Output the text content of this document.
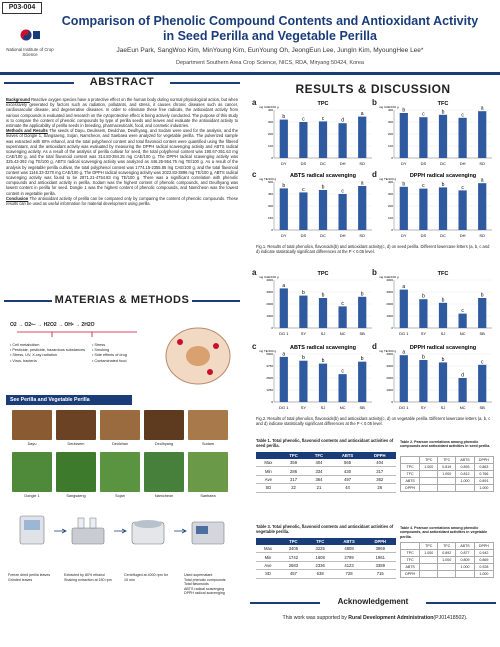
P03-004
National Institute of Crop Science
Comparison of Phenolic Compound Contents and Antioxidant Activity
in Seed Perilla and Vegetable Perilla
JaeEun Park, SangWoo Kim, MinYoung Kim, EunYoung Oh, JeongEun Lee, JungIn Kim, MyoungHee Lee*
Department Southern Area Crop Science, NICS, RDA, Miryang 50424, Korea
ABSTRACT

Background Reactive oxygen species have a protective effect on the human body during normal physiological action, but when excessively generated by factors such as radiation, pollutants, and stress, it causes chronic diseases such as cancer, cardiovascular disease, and degenerative diseases. In order to eliminate these free radicals, the antioxidant activity from various compounds is evaluated and research on the cytoprotective effect is being actively conducted. The purpose of this study is to compare the content of phenolic compounds by type of perilla seeds and leaves and evaluate the antioxidant activity to estimate the applicability of perilla seeds in breeding, pharmaceuticals, food, and cosmetic industries.

Methods and Results The seeds of Dayu, Deulssem, Deulchan, Deulhyang, and Sodam were used for the analysis, and the leaves of Dongle 1, Sangsaeng, Sojan, Namcheon, and Saebaea were analyzed for vegetable perilla. The pulverized sample was extracted with 80% ethanol, and the total polyphenol content and total flavonoid content were quantified using the filtered supernatant, and the antioxidant activity was evaluated by measuring the DPPH radical scavenging activity and ABTS radical scavenging activity. As a result of the analysis of perilla cultivar for seed, the total polyphenol content was 190.67-351.63 mg CAE/100 g, and the total flavonoid content was 314.83-394.25 mg CAE/100 g. The DPPH radical scavenging activity was 325.43-392 mg TE/100 g, ABTS radical scavenging activity was analyzed as 446.25-554.75 mg TE/100 g. As a result of the analysis by vegetable perilla cultivar, the total polyphenol content was 1774.15-2355.85 mg CAE/100 g, and the total flavonoid content was 1146.33-3270 mg CAE/100 g. The DPPH radical scavenging activity was 2022.83-3896 mg TE/100 g, ABTS radical scavenging activity was found to be 2871.21-4754.83 mg TE/100 g. There was a significant correlation with phenolic compounds and antioxidant activity in perilla. Sodam was the highest content of phenolic compounds, and Deulhyang was lowest content in perilla for seed. Dongle 1 was the highest content of phenolic compounds, and Namcheon was the lowest content in vegetable perilla.

Conclusion The antioxidant activity of perilla can be compared only by comparing the content of phenolic compounds. These results can be used as useful information for material development using perilla.

MATERIAS & METHODS
O2 → O2•− → H2O2 → OH• → 2H2O
• Cell metabolism
• Pesticide, pesticide, hazardous substances
• Stress, UV, X-ray radiation
• Virus, bacteria
• Stress
• Smoking
• Side effects of drug
• Contaminated food
See Perilla and Vegetable Perilla
Dayu	Deulssem	Deulchan	Deulhyang	Sodam
Dongle 1	Sangsaeng	Sojan	Namcheon	Saebaea
Freeze dried perilla leaves
Grinded leaves
Extracted by 80% ethanol
Shaking extraction at 150 rpm
Centrifuged at 4000 rpm for 15 min
Used supernatant
Total phenolic compounds
Total flavonoids
ABTS radical scavenging
DPPH radical scavenging
RESULTS & DISCUSSION
a	TPC
mg CAE/100 g
0
100
200
300
400
b
DY
c
DS
c
DC
d
DH
a
SD
b	TFC
mg CAE/100 g
0
100
200
300
400 b
DY
c
DS
b
DC
c
DH
a
SD
c	ABTS radical scavenging
mg TE/100 g
0
150
300
450
600
b
DY
c
DS
b
DC
c
DH
a
SD
d	DPPH radical scavenging
mg TE/100 g
0
100
200
300
400 b
DY
c
DS
b
DC
c
DH
a
SD
Fig.1. Results of total phenolics, flavonoids(b) and antioxidant activity(c, d) on seed perilla. Different lowercase letters (a, b, c and d) indicate statistically significant differences at the P < 0.05 level.
a	TPC
mg CAE/100 g
0
1000
2000
3000
4000
a
DG 1
b
SY
b
SJ
c
NC
b
SB
b	TFC
mg CAE/100 g
0
1000
2000
3000
4000
a
DG 1
b
SY
b
SJ
c
NC
b
SB
c	ABTS radical scavenging
mg TE/100 g
0
1250
2500
3750
5000 a
DG 1
b
SY
b
SJ
c
NC
b
SB
d	DPPH radical scavenging
mg TE/100 g
0
1000
2000
3000
4000 a
DG 1
b
SY
b
SJ
d
NC
c
SB
Fig.2. Results of total phenolics, flavonoids(b) and antioxidant activity(c, d) on vegetable perilla. Different lowercase letters (a, b, c and d) indicate statistically significant differences at the P < 0.05 level.
Table 1. Total phenolic, flavonoid contents and antioxidant activities of seed perilla.
	TPC	TFC	ABTS	DPPH
Max	359	404	565	404
Min	286	334	430	317
Ave	317	364	497	362
SD	22	21	44	26
Table 2. Pearson correlations among phenolic compounds and antioxidant activities in seed perilla.
	TPC	TFC	ABTS	DPPH
TPC	1.000	0.819	0.893	0.863
TFC		1.000	0.812	0.766
ABTS			1.000	0.891
DPPH				1.000
Table 3. Total phenolic, flavonoid contents and antioxidant activities of vegetable perilla.
	TPC	TFC	ABTS	DPPH
Max	3405	3225	4808	3969
Min	1742	1608	2799	1961
Ave	2583	2336	4123	3389
SD	457	638	728	715
Table 4. Pearson correlations among phenolic compounds, and antioxidant activities in vegetable perilla.
	TPC	TFC	ABTS	DPPH
TPC	1.000	0.892	0.877	0.942
TFC		1.000	0.809	0.869
ABTS			1.000	0.928
DPPH				1.000
Acknowledgement
This work was supported by Rural Development Administration(PJ01418502).
